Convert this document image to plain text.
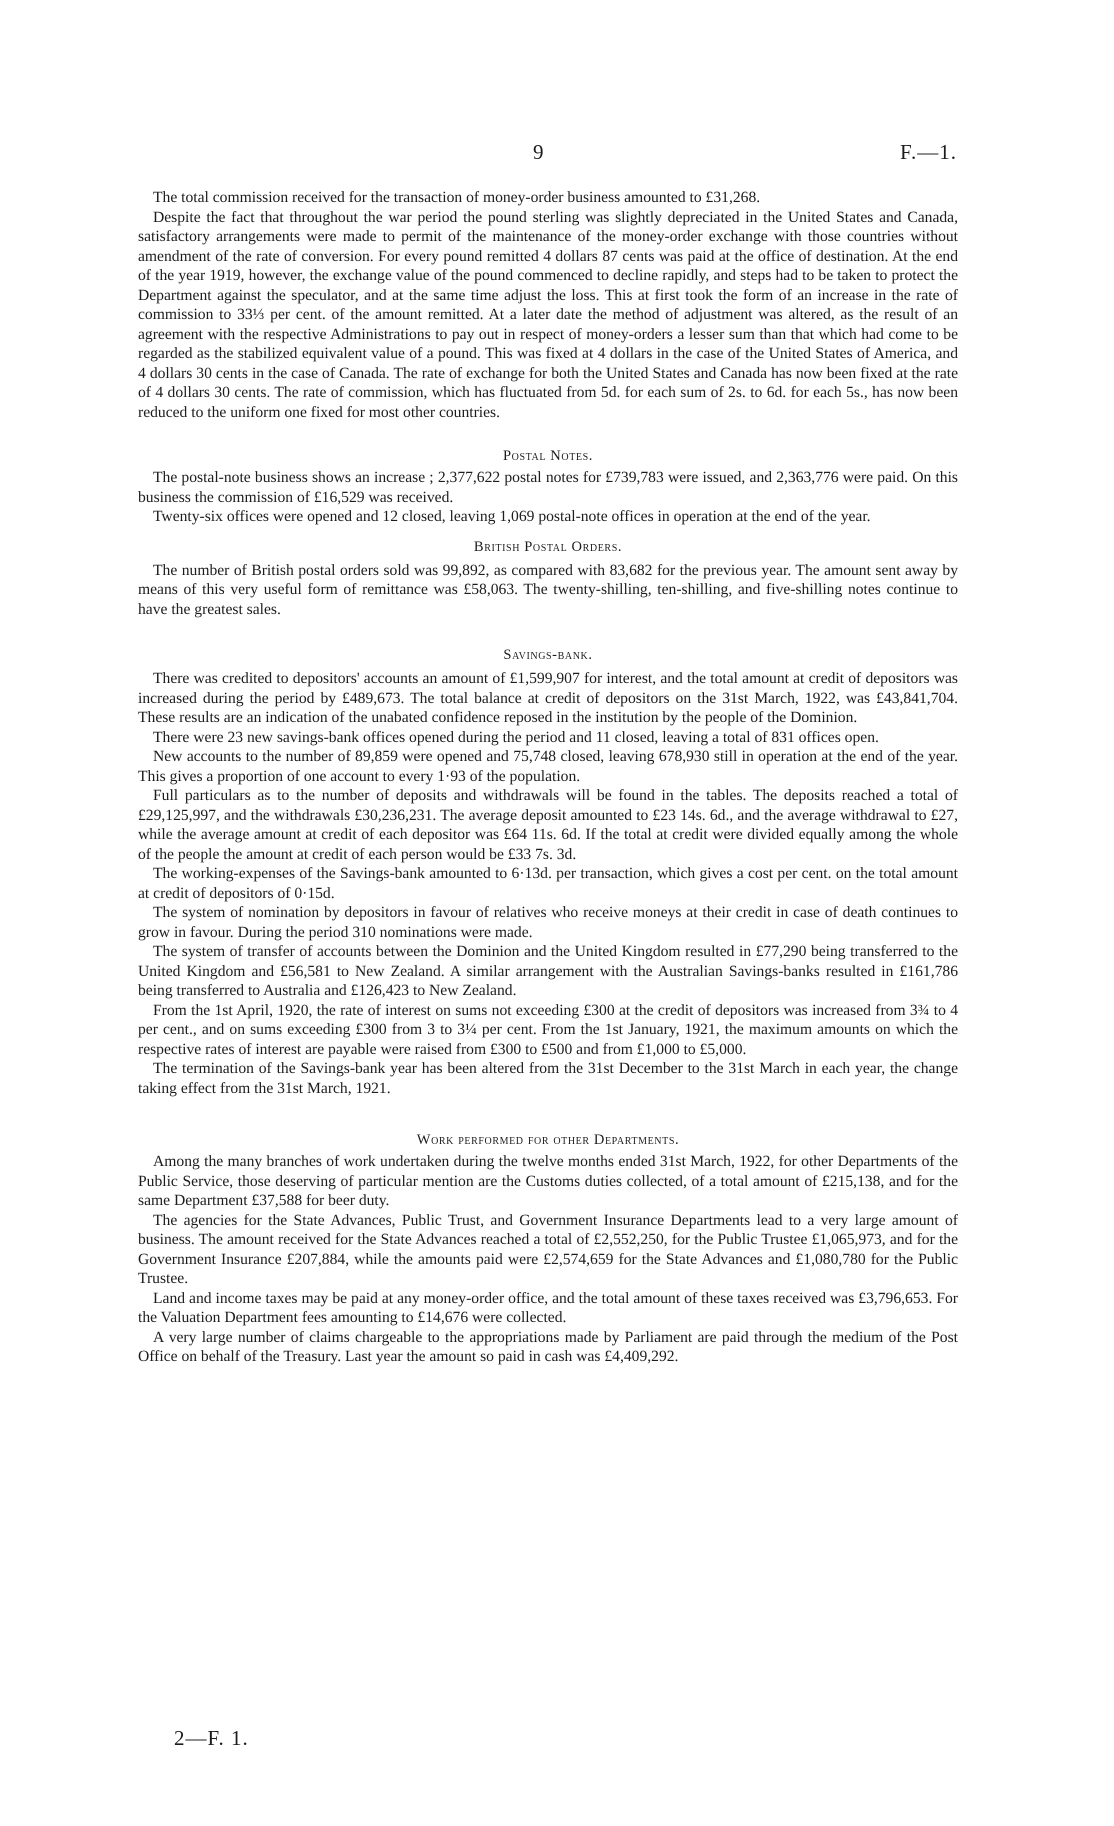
9	F.—1.

The total commission received for the transaction of money-order business amounted to £31,268.

Despite the fact that throughout the war period the pound sterling was slightly depreciated in the United States and Canada, satisfactory arrangements were made to permit of the maintenance of the money-order exchange with those countries without amendment of the rate of conversion. For every pound remitted 4 dollars 87 cents was paid at the office of destination. At the end of the year 1919, however, the exchange value of the pound commenced to decline rapidly, and steps had to be taken to protect the Department against the speculator, and at the same time adjust the loss. This at first took the form of an increase in the rate of commission to 33⅓ per cent. of the amount remitted. At a later date the method of adjustment was altered, as the result of an agreement with the respective Administrations to pay out in respect of money-orders a lesser sum than that which had come to be regarded as the stabilized equivalent value of a pound. This was fixed at 4 dollars in the case of the United States of America, and 4 dollars 30 cents in the case of Canada. The rate of exchange for both the United States and Canada has now been fixed at the rate of 4 dollars 30 cents. The rate of commission, which has fluctuated from 5d. for each sum of 2s. to 6d. for each 5s., has now been reduced to the uniform one fixed for most other countries.

Postal Notes.

The postal-note business shows an increase ; 2,377,622 postal notes for £739,783 were issued, and 2,363,776 were paid. On this business the commission of £16,529 was received.

Twenty-six offices were opened and 12 closed, leaving 1,069 postal-note offices in operation at the end of the year.

British Postal Orders.

The number of British postal orders sold was 99,892, as compared with 83,682 for the previous year. The amount sent away by means of this very useful form of remittance was £58,063. The twenty-shilling, ten-shilling, and five-shilling notes continue to have the greatest sales.

Savings-bank.

There was credited to depositors' accounts an amount of £1,599,907 for interest, and the total amount at credit of depositors was increased during the period by £489,673. The total balance at credit of depositors on the 31st March, 1922, was £43,841,704. These results are an indication of the unabated confidence reposed in the institution by the people of the Dominion.

There were 23 new savings-bank offices opened during the period and 11 closed, leaving a total of 831 offices open.

New accounts to the number of 89,859 were opened and 75,748 closed, leaving 678,930 still in operation at the end of the year. This gives a proportion of one account to every 1·93 of the population.

Full particulars as to the number of deposits and withdrawals will be found in the tables. The deposits reached a total of £29,125,997, and the withdrawals £30,236,231. The average deposit amounted to £23 14s. 6d., and the average withdrawal to £27, while the average amount at credit of each depositor was £64 11s. 6d. If the total at credit were divided equally among the whole of the people the amount at credit of each person would be £33 7s. 3d.

The working-expenses of the Savings-bank amounted to 6·13d. per transaction, which gives a cost per cent. on the total amount at credit of depositors of 0·15d.

The system of nomination by depositors in favour of relatives who receive moneys at their credit in case of death continues to grow in favour. During the period 310 nominations were made.

The system of transfer of accounts between the Dominion and the United Kingdom resulted in £77,290 being transferred to the United Kingdom and £56,581 to New Zealand. A similar arrangement with the Australian Savings-banks resulted in £161,786 being transferred to Australia and £126,423 to New Zealand.

From the 1st April, 1920, the rate of interest on sums not exceeding £300 at the credit of depositors was increased from 3¾ to 4 per cent., and on sums exceeding £300 from 3 to 3¼ per cent. From the 1st January, 1921, the maximum amounts on which the respective rates of interest are payable were raised from £300 to £500 and from £1,000 to £5,000.

The termination of the Savings-bank year has been altered from the 31st December to the 31st March in each year, the change taking effect from the 31st March, 1921.

Work performed for other Departments.

Among the many branches of work undertaken during the twelve months ended 31st March, 1922, for other Departments of the Public Service, those deserving of particular mention are the Customs duties collected, of a total amount of £215,138, and for the same Department £37,588 for beer duty.

The agencies for the State Advances, Public Trust, and Government Insurance Departments lead to a very large amount of business. The amount received for the State Advances reached a total of £2,552,250, for the Public Trustee £1,065,973, and for the Government Insurance £207,884, while the amounts paid were £2,574,659 for the State Advances and £1,080,780 for the Public Trustee.

Land and income taxes may be paid at any money-order office, and the total amount of these taxes received was £3,796,653. For the Valuation Department fees amounting to £14,676 were collected.

A very large number of claims chargeable to the appropriations made by Parliament are paid through the medium of the Post Office on behalf of the Treasury. Last year the amount so paid in cash was £4,409,292.

2—F. 1.
